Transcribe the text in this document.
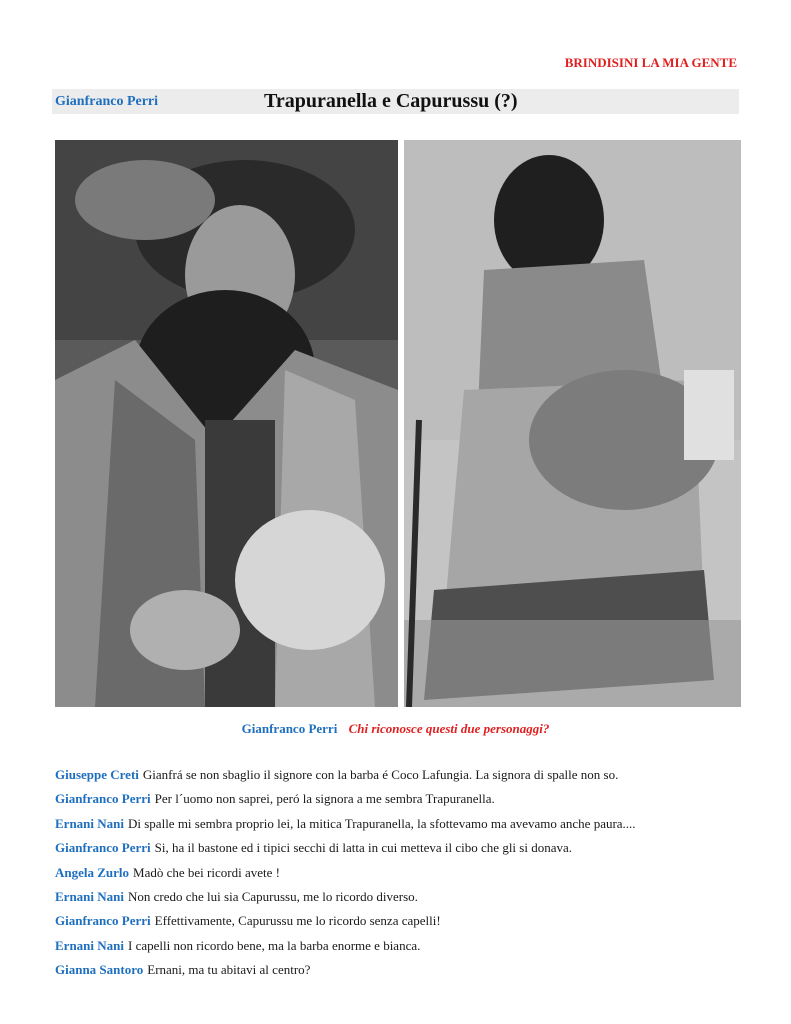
BRINDISINI LA MIA GENTE
Gianfranco Perri	Trapuranella e Capurussu (?)
Gianfranco Perri Chi riconosce questi due personaggi?
Giuseppe Creti Gianfrá se non sbaglio il signore con la barba é Coco Lafungia. La signora di spalle non so.
Gianfranco Perri Per l´uomo non saprei, peró la signora a me sembra Trapuranella.
Ernani Nani Di spalle mi sembra proprio lei, la mitica Trapuranella, la sfottevamo ma avevamo anche paura....
Gianfranco Perri Si, ha il bastone ed i tipici secchi di latta in cui metteva il cibo che gli si donava.
Angela Zurlo Madò che bei ricordi avete !
Ernani Nani Non credo che lui sia Capurussu, me lo ricordo diverso.
Gianfranco Perri Effettivamente, Capurussu me lo ricordo senza capelli!
Ernani Nani I capelli non ricordo bene, ma la barba enorme e bianca.
Gianna Santoro Ernani, ma tu abitavi al centro?
